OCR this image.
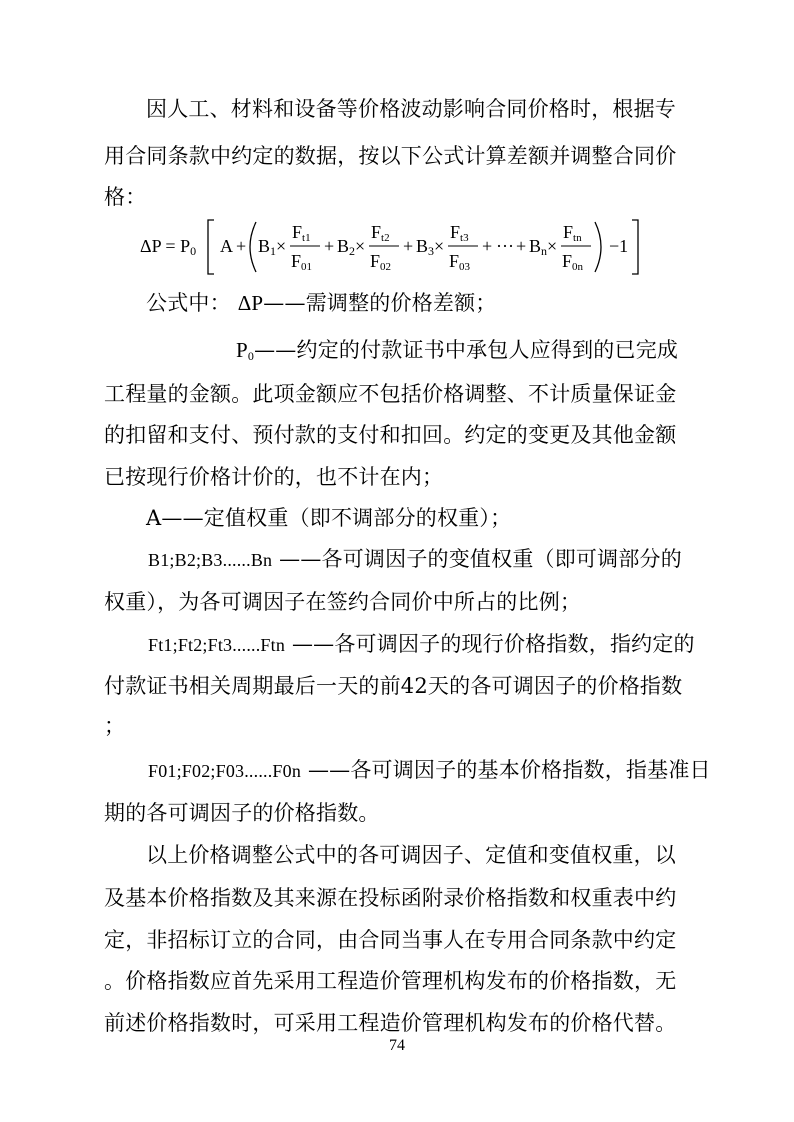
因人工、材料和设备等价格波动影响合同价格时，根据专

用合同条款中约定的数据，按以下公式计算差额并调整合同价

格：

ΔP = P0 A + B1 ×
Ft1
F01
+ B2 ×
Ft2
F02
+ B3 ×
Ft3
F03
+ ··· + Bn ×
Ftn
F0n
−1

公式中： ΔP——需调整的价格差额；

$P_0——$约定的付款证书中承包人应得到的已完成

工程量的金额。此项金额应不包括价格调整、不计质量保证金

的扣留和支付、预付款的支付和扣回。约定的变更及其他金额

已按现行价格计价的，也不计在内；

A——定值权重（即不调部分的权重）；

B1;B2;B3......Bn ——各可调因子的变值权重（即可调部分的

权重），为各可调因子在签约合同价中所占的比例；

Ft1;Ft2;Ft3......Ftn ——各可调因子的现行价格指数，指约定的

付款证书相关周期最后一天的前42天的各可调因子的价格指数

；

F01;F02;F03......F0n ——各可调因子的基本价格指数，指基准日

期的各可调因子的价格指数。

以上价格调整公式中的各可调因子、定值和变值权重，以

及基本价格指数及其来源在投标函附录价格指数和权重表中约

定，非招标订立的合同，由合同当事人在专用合同条款中约定

。价格指数应首先采用工程造价管理机构发布的价格指数，无

前述价格指数时，可采用工程造价管理机构发布的价格代替。

74
